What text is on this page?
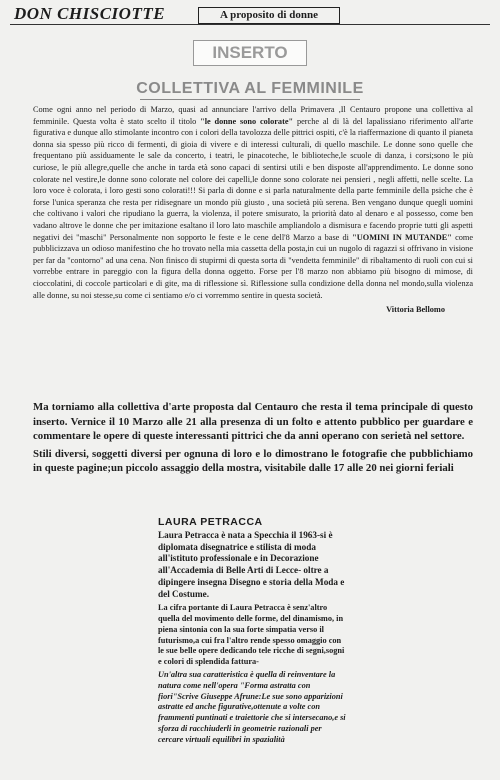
DON CHISCIOTTE	A proposito di donne
INSERTO
COLLETTIVA AL FEMMINILE

Come ogni anno nel periodo di Marzo, quasi ad annunciare l'arrivo della Primavera ,Il Centauro propone una collettiva al femminile. Questa volta è stato scelto il titolo "le donne sono colorate" perche al di là del lapalissiano riferimento all'arte figurativa e dunque allo stimolante incontro con i colori della tavolozza delle pittrici ospiti, c'è la riaffermazione di quanto il pianeta donna sia spesso più ricco di fermenti, di gioia di vivere e di interessi culturali, di quello maschile. Le donne sono quelle che frequentano più assiduamente le sale da concerto, i teatri, le pinacoteche, le biblioteche,le scuole di danza, i corsi;sono le più curiose, le più allegre,quelle che anche in tarda età sono capaci di sentirsi utili e ben disposte all'apprendimento. Le donne sono colorate nel vestire,le donne sono colorate nel colore dei capelli,le donne sono colorate nei pensieri , negli affetti, nelle scelte. La loro voce è colorata, i loro gesti sono colorati!!! Si parla di donne e si parla naturalmente della parte femminile della psiche che è forse l'unica speranza che resta per ridisegnare un mondo più giusto , una società più serena. Ben vengano dunque quegli uomini che coltivano i valori che ripudiano la guerra, la violenza, il potere smisurato, la priorità dato al denaro e al possesso, come ben vadano altrove le donne che per imitazione esaltano il loro lato maschile ampliandolo a dismisura e facendo proprie tutti gli aspetti negativi dei "maschi" Personalmente non sopporto le feste e le cene dell'8 Marzo a base di "UOMINI IN MUTANDE" come pubblicizzava un odioso manifestino che ho trovato nella mia cassetta della posta,in cui un nugolo di ragazzi si offrivano in visione per far da "contorno" ad una cena. Non finisco di stupirmi di questa sorta di "vendetta femminile" di ribaltamento di ruoli con cui si vorrebbe entrare in pareggio con la figura della donna oggetto. Forse per l'8 marzo non abbiamo più bisogno di mimose, di cioccolatini, di coccole particolari e di gite, ma di riflessione sì. Riflessione sulla condizione della donna nel mondo,sulla violenza alle donne, su noi stesse,su come ci sentiamo e/o ci vorremmo sentire in questa società.

Vittoria Bellomo

Ma torniamo alla collettiva d'arte proposta dal Centauro che resta il tema principale di questo inserto. Vernice il 10 Marzo alle 21 alla presenza di un folto e attento pubblico per guardare e commentare le opere di queste interessanti pittrici che da anni operano con serietà nel settore.

Stili diversi, soggetti diversi per ognuna di loro e lo dimostrano le fotografie che pubblichiamo in queste pagine;un piccolo assaggio della mostra, visitabile dalle 17 alle 20 nei giorni feriali

LAURA PETRACCA

Laura Petracca è nata a Specchia il 1963-si è diplomata disegnatrice e stilista di moda all'istituto professionale e in Decorazione all'Accademia di Belle Arti di Lecce- oltre a dipingere insegna Disegno e storia della Moda e del Costume.

La cifra portante di Laura Petracca è senz'altro quella del movimento delle forme, del dinamismo, in piena sintonia con la sua forte simpatia verso il futurismo,a cui fra l'altro rende spesso omaggio con le sue belle opere dedicando tele ricche di segni,sogni e colori di splendida fattura-

Un'altra sua caratteristica è quella di reinventare la natura come nell'opera "Forma astratta con fiori"Scrive Giuseppe Afrune:Le sue sono apparizioni astratte ed anche figurative,ottenute a volte con frammenti puntinati e traiettorie che si intersecano,e si sforza di racchiuderli in geometrie razionali per cercare virtuali equilibri in spazialità
